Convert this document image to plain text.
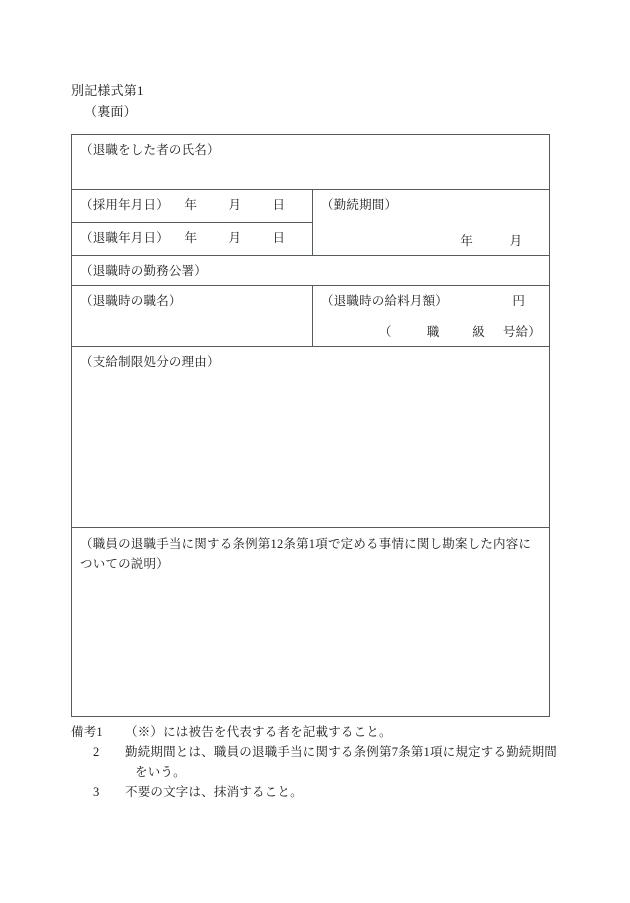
別記様式第1
（裏面）
（退職をした者の氏名）	

（採用年月日） 年 月 日	（勤続期間）
年 月

（退職年月日） 年 月 日	

（退職時の勤務公署）	

（退職時の職名）	（退職時の給料月額） 円
（ 職 級 号給）

（支給制限処分の理由）	

（職員の退職手当に関する条例第12条第1項で定める事情に関し勘案した内容についての説明）	
備考1	（※）には被告を代表する者を記載すること。
2	勤続期間とは、職員の退職手当に関する条例第7条第1項に規定する勤続期間をいう。
3	不要の文字は、抹消すること。
